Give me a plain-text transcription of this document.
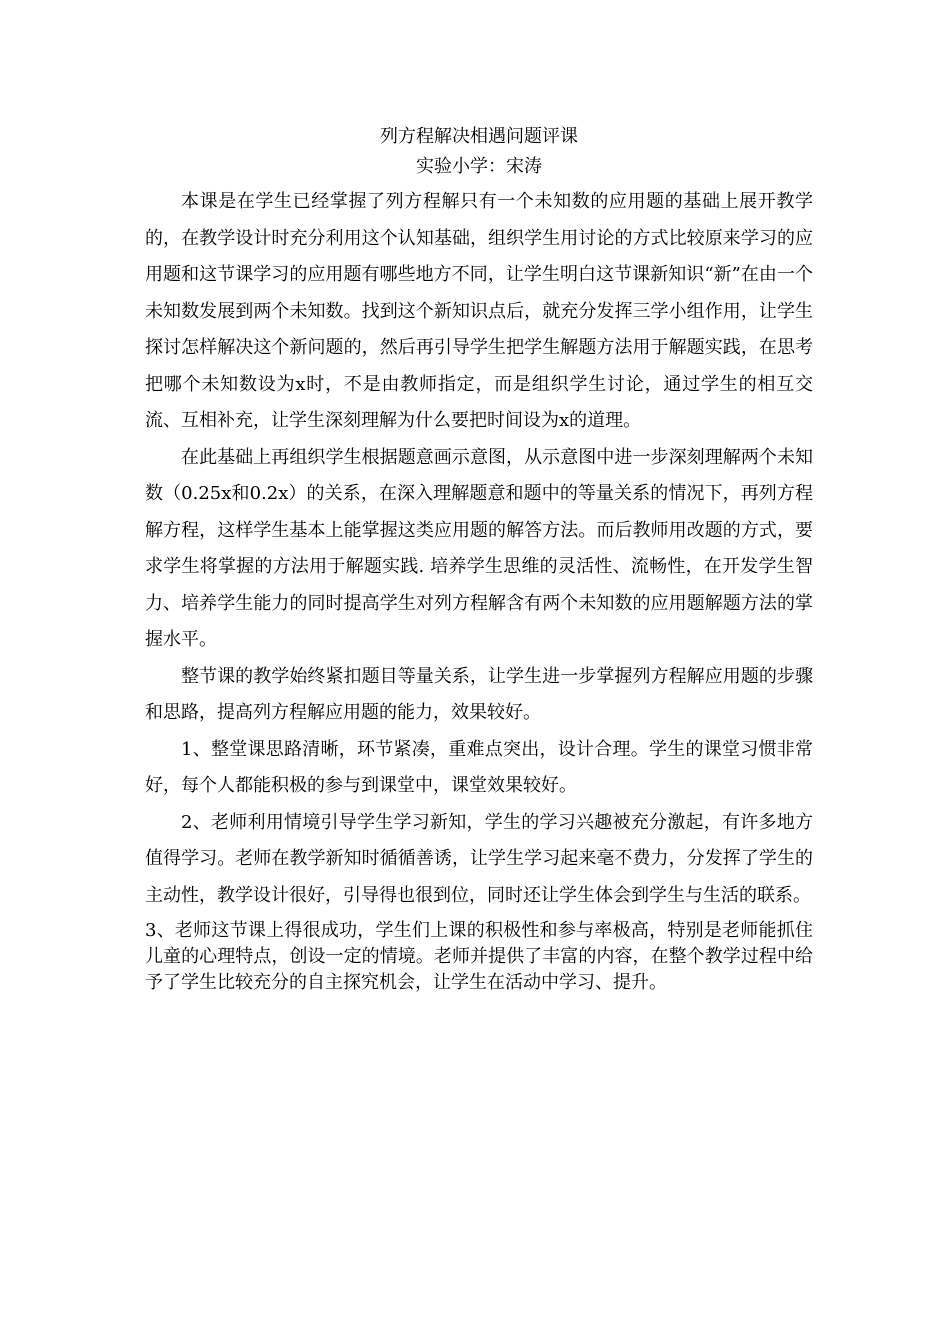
列方程解决相遇问题评课

实验小学：宋涛

本课是在学生已经掌握了列方程解只有一个未知数的应用题的基础上展开教学的，在教学设计时充分利用这个认知基础，组织学生用讨论的方式比较原来学习的应用题和这节课学习的应用题有哪些地方不同，让学生明白这节课新知识“新”在由一个未知数发展到两个未知数。找到这个新知识点后，就充分发挥三学小组作用，让学生探讨怎样解决这个新问题的，然后再引导学生把学生解题方法用于解题实践，在思考把哪个未知数设为x时，不是由教师指定，而是组织学生讨论，通过学生的相互交流、互相补充，让学生深刻理解为什么要把时间设为x的道理。

在此基础上再组织学生根据题意画示意图，从示意图中进一步深刻理解两个未知数（0.25x和0.2x）的关系，在深入理解题意和题中的等量关系的情况下，再列方程解方程，这样学生基本上能掌握这类应用题的解答方法。而后教师用改题的方式，要求学生将掌握的方法用于解题实践. 培养学生思维的灵活性、流畅性，在开发学生智力、培养学生能力的同时提高学生对列方程解含有两个未知数的应用题解题方法的掌握水平。

整节课的教学始终紧扣题目等量关系，让学生进一步掌握列方程解应用题的步骤和思路，提高列方程解应用题的能力，效果较好。

1、整堂课思路清晰，环节紧凑，重难点突出，设计合理。学生的课堂习惯非常好，每个人都能积极的参与到课堂中，课堂效果较好。

2、老师利用情境引导学生学习新知，学生的学习兴趣被充分激起，有许多地方值得学习。老师在教学新知时循循善诱，让学生学习起来毫不费力，分发挥了学生的主动性，教学设计很好，引导得也很到位，同时还让学生体会到学生与生活的联系。

3、老师这节课上得很成功，学生们上课的积极性和参与率极高，特别是老师能抓住儿童的心理特点，创设一定的情境。老师并提供了丰富的内容，在整个教学过程中给予了学生比较充分的自主探究机会，让学生在活动中学习、提升。
